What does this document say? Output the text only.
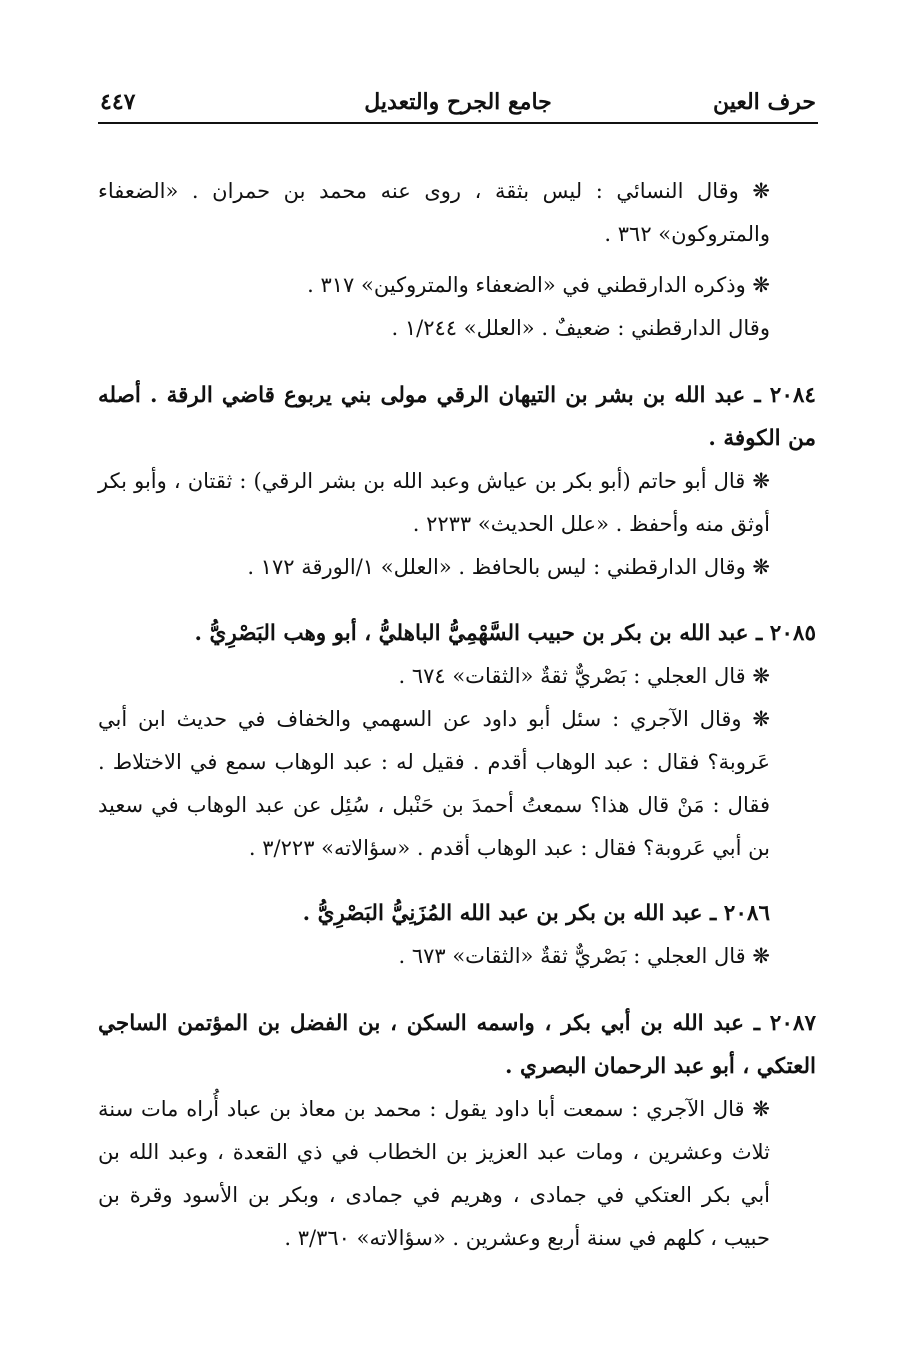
حرف العين
جامع الجرح والتعديل
٤٤٧

❋ وقال النسائي : ليس بثقة ، روى عنه محمد بن حمران . «الضعفاء والمتروكون» ٣٦٢ .

❋ وذكره الدارقطني في «الضعفاء والمتروكين» ٣١٧ .

وقال الدارقطني : ضعيفٌ . «العلل» ١/٢٤٤ .

٢٠٨٤ ـ عبد الله بن بشر بن التيهان الرقي مولى بني يربوع قاضي الرقة . أصله من الكوفة .

❋ قال أبو حاتم (أبو بكر بن عياش وعبد الله بن بشر الرقي) : ثقتان ، وأبو بكر أوثق منه وأحفظ . «علل الحديث» ٢٢٣٣ .

❋ وقال الدارقطني : ليس بالحافظ . «العلل» ١/الورقة ١٧٢ .

٢٠٨٥ ـ عبد الله بن بكر بن حبيب السَّهْمِيُّ الباهليُّ ، أبو وهب البَصْرِيُّ .

❋ قال العجلي : بَصْريٌّ ثقةٌ «الثقات» ٦٧٤ .

❋ وقال الآجري : سئل أبو داود عن السهمي والخفاف في حديث ابن أبي عَروبة؟ فقال : عبد الوهاب أقدم . فقيل له : عبد الوهاب سمع في الاختلاط . فقال : مَنْ قال هذا؟ سمعتُ أحمدَ بن حَنْبل ، سُئِل عن عبد الوهاب في سعيد بن أبي عَروبة؟ فقال : عبد الوهاب أقدم . «سؤالاته» ٣/٢٢٣ .

٢٠٨٦ ـ عبد الله بن بكر بن عبد الله المُزَنِيُّ البَصْرِيُّ .

❋ قال العجلي : بَصْريٌّ ثقةٌ «الثقات» ٦٧٣ .

٢٠٨٧ ـ عبد الله بن أبي بكر ، واسمه السكن ، بن الفضل بن المؤتمن الساجي العتكي ، أبو عبد الرحمان البصري .

❋ قال الآجري : سمعت أبا داود يقول : محمد بن معاذ بن عباد أُراه مات سنة ثلاث وعشرين ، ومات عبد العزيز بن الخطاب في ذي القعدة ، وعبد الله بن أبي بكر العتكي في جمادى ، وهريم في جمادى ، وبكر بن الأسود وقرة بن حبيب ، كلهم في سنة أربع وعشرين . «سؤالاته» ٣/٣٦٠ .
